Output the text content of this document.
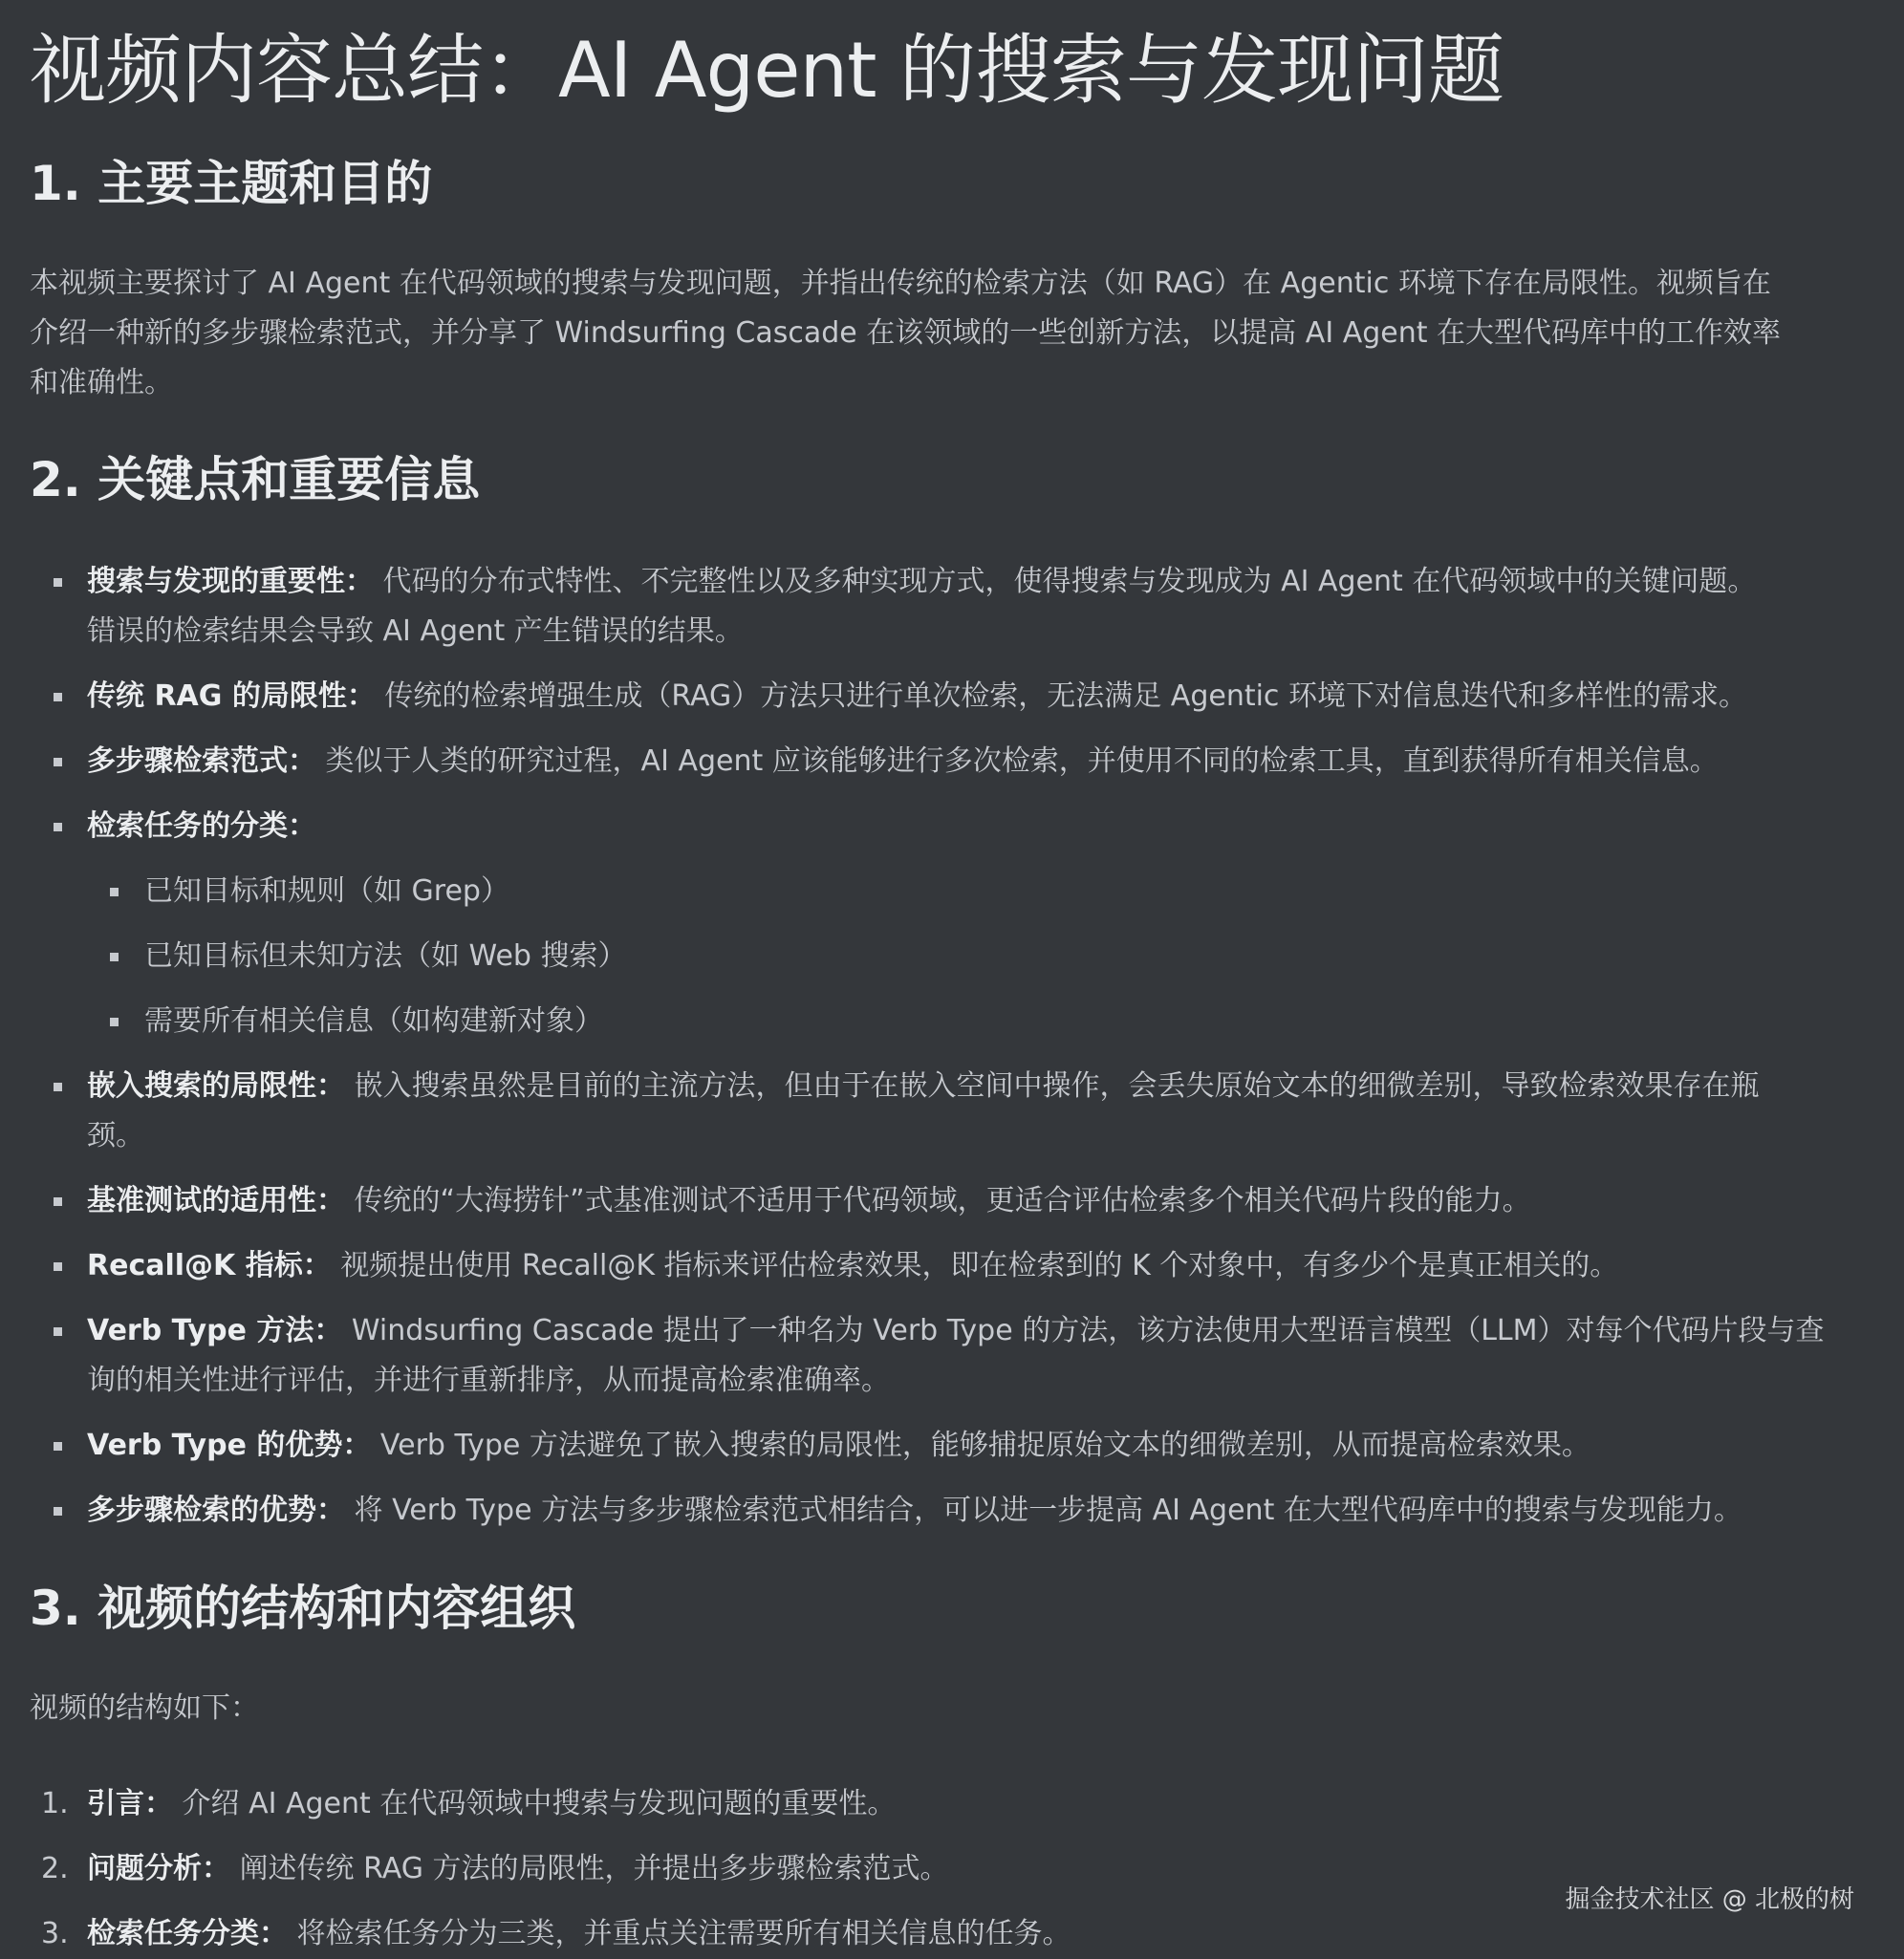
视频内容总结：AI Agent 的搜索与发现问题
1. 主要主题和目的
本视频主要探讨了 AI Agent 在代码领域的搜索与发现问题，并指出传统的检索方法（如 RAG）在 Agentic 环境下存在局限性。视频旨在
介绍一种新的多步骤检索范式，并分享了 Windsurfing Cascade 在该领域的一些创新方法，以提高 AI Agent 在大型代码库中的工作效率
和准确性。
2. 关键点和重要信息
搜索与发现的重要性： 代码的分布式特性、不完整性以及多种实现方式，使得搜索与发现成为 AI Agent 在代码领域中的关键问题。
错误的检索结果会导致 AI Agent 产生错误的结果。
传统 RAG 的局限性： 传统的检索增强生成（RAG）方法只进行单次检索，无法满足 Agentic 环境下对信息迭代和多样性的需求。
多步骤检索范式： 类似于人类的研究过程，AI Agent 应该能够进行多次检索，并使用不同的检索工具，直到获得所有相关信息。
检索任务的分类：
已知目标和规则（如 Grep）
已知目标但未知方法（如 Web 搜索）
需要所有相关信息（如构建新对象）
嵌入搜索的局限性： 嵌入搜索虽然是目前的主流方法，但由于在嵌入空间中操作，会丢失原始文本的细微差别，导致检索效果存在瓶
颈。
基准测试的适用性： 传统的“大海捞针”式基准测试不适用于代码领域，更适合评估检索多个相关代码片段的能力。
Recall@K 指标： 视频提出使用 Recall@K 指标来评估检索效果，即在检索到的 K 个对象中，有多少个是真正相关的。
Verb Type 方法： Windsurfing Cascade 提出了一种名为 Verb Type 的方法，该方法使用大型语言模型（LLM）对每个代码片段与查
询的相关性进行评估，并进行重新排序，从而提高检索准确率。
Verb Type 的优势： Verb Type 方法避免了嵌入搜索的局限性，能够捕捉原始文本的细微差别，从而提高检索效果。
多步骤检索的优势： 将 Verb Type 方法与多步骤检索范式相结合，可以进一步提高 AI Agent 在大型代码库中的搜索与发现能力。
3. 视频的结构和内容组织
视频的结构如下：
1. 引言： 介绍 AI Agent 在代码领域中搜索与发现问题的重要性。
2. 问题分析： 阐述传统 RAG 方法的局限性，并提出多步骤检索范式。
3. 检索任务分类： 将检索任务分为三类，并重点关注需要所有相关信息的任务。
掘金技术社区 @ 北极的树
